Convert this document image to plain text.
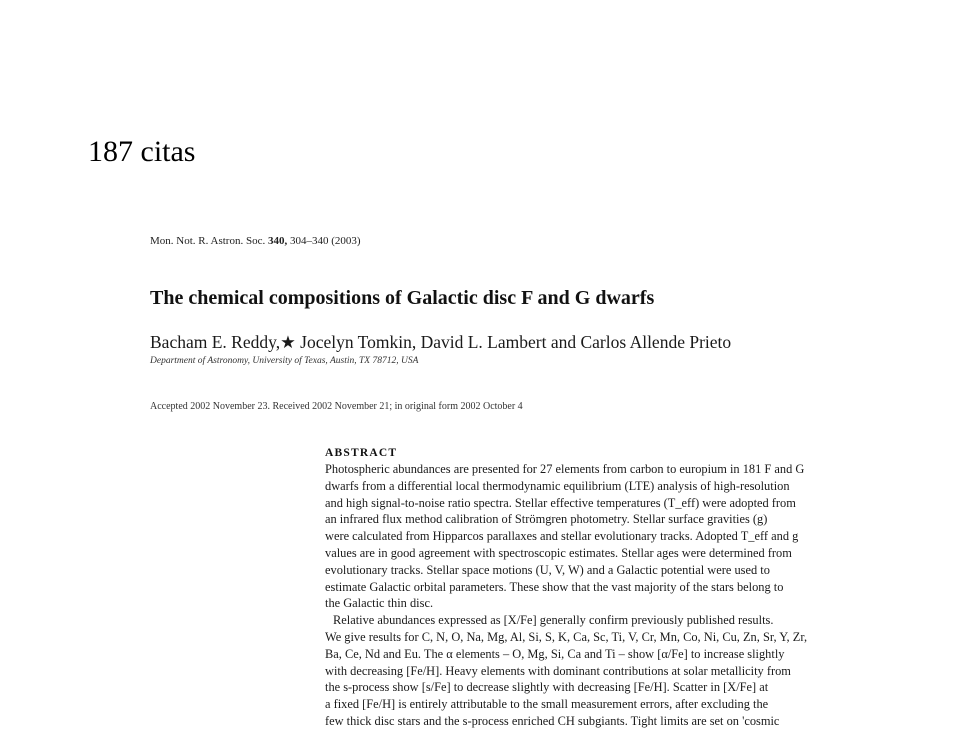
187 citas
Mon. Not. R. Astron. Soc. 340, 304–340 (2003)
The chemical compositions of Galactic disc F and G dwarfs
Bacham E. Reddy,★ Jocelyn Tomkin, David L. Lambert and Carlos Allende Prieto
Department of Astronomy, University of Texas, Austin, TX 78712, USA
Accepted 2002 November 23. Received 2002 November 21; in original form 2002 October 4
ABSTRACT
Photospheric abundances are presented for 27 elements from carbon to europium in 181 F and G
dwarfs from a differential local thermodynamic equilibrium (LTE) analysis of high-resolution
and high signal-to-noise ratio spectra. Stellar effective temperatures (T_eff) were adopted from
an infrared flux method calibration of Strömgren photometry. Stellar surface gravities (g)
were calculated from Hipparcos parallaxes and stellar evolutionary tracks. Adopted T_eff and g
values are in good agreement with spectroscopic estimates. Stellar ages were determined from
evolutionary tracks. Stellar space motions (U, V, W) and a Galactic potential were used to
estimate Galactic orbital parameters. These show that the vast majority of the stars belong to
the Galactic thin disc.
Relative abundances expressed as [X/Fe] generally confirm previously published results.
We give results for C, N, O, Na, Mg, Al, Si, S, K, Ca, Sc, Ti, V, Cr, Mn, Co, Ni, Cu, Zn, Sr, Y, Zr,
Ba, Ce, Nd and Eu. The α elements – O, Mg, Si, Ca and Ti – show [α/Fe] to increase slightly
with decreasing [Fe/H]. Heavy elements with dominant contributions at solar metallicity from
the s-process show [s/Fe] to decrease slightly with decreasing [Fe/H]. Scatter in [X/Fe] at
a fixed [Fe/H] is entirely attributable to the small measurement errors, after excluding the
few thick disc stars and the s-process enriched CH subgiants. Tight limits are set on 'cosmic
